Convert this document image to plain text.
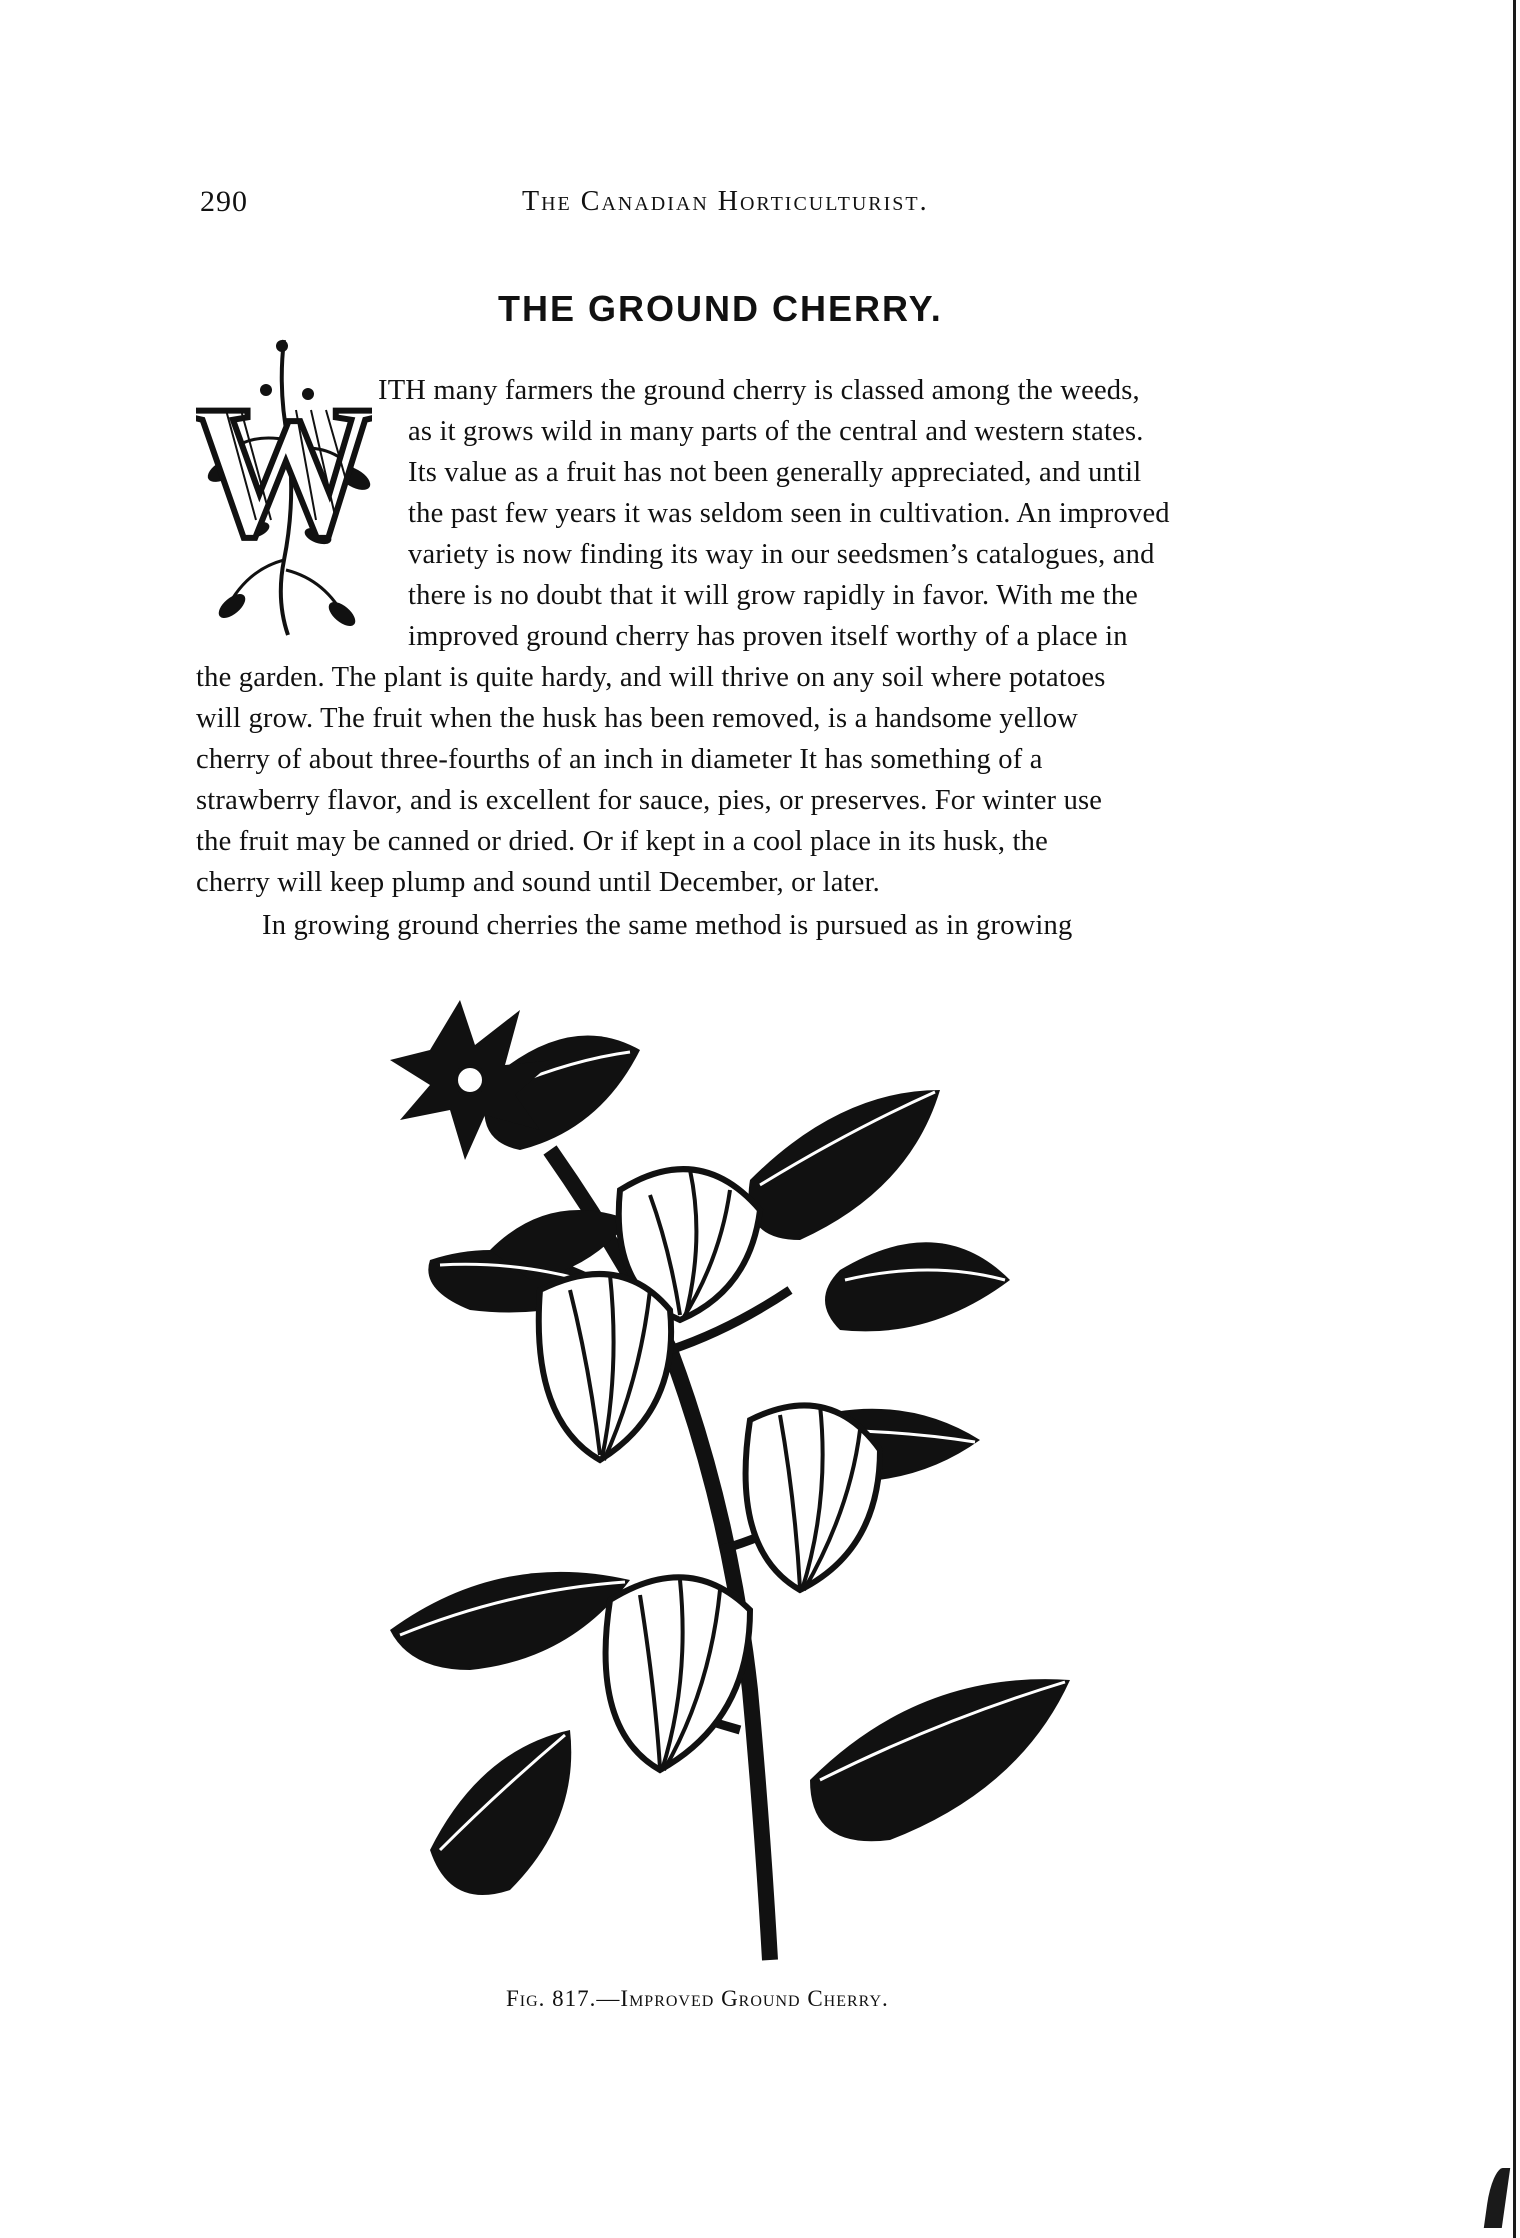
290	The Canadian Horticulturist.
THE GROUND CHERRY.
W ITH many farmers the ground cherry is classed among the weeds,
as it grows wild in many parts of the central and western states.
Its value as a fruit has not been generally appreciated, and until
the past few years it was seldom seen in cultivation. An improved
variety is now finding its way in our seedsmen’s catalogues, and
there is no doubt that it will grow rapidly in favor. With me the
improved ground cherry has proven itself worthy of a place in
the garden. The plant is quite hardy, and will thrive on any soil where potatoes
will grow. The fruit when the husk has been removed, is a handsome yellow
cherry of about three-fourths of an inch in diameter It has something of a
strawberry flavor, and is excellent for sauce, pies, or preserves. For winter use
the fruit may be canned or dried. Or if kept in a cool place in its husk, the
cherry will keep plump and sound until December, or later.
In growing ground cherries the same method is pursued as in growing
Fig. 817.—Improved Ground Cherry.
